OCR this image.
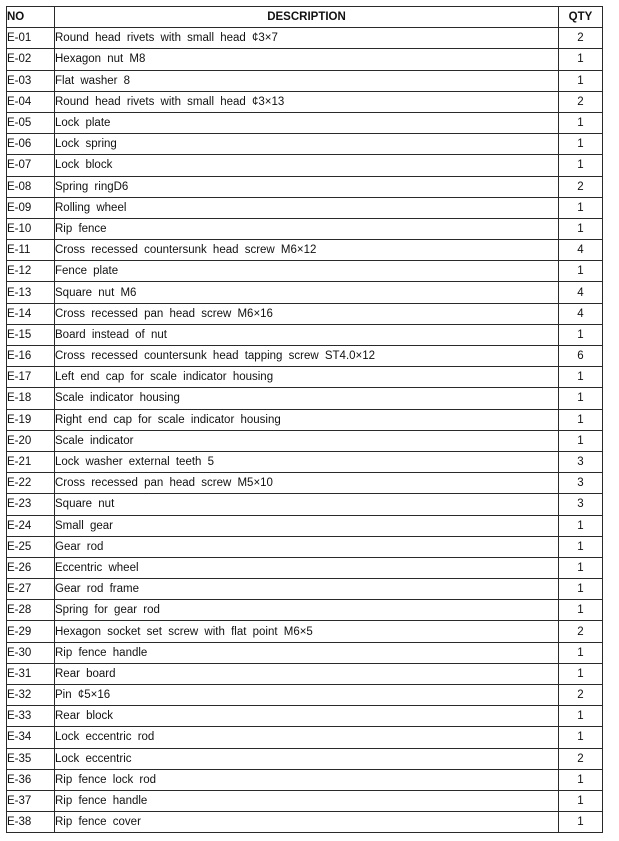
NO	DESCRIPTION	QTY
E-01	Round head rivets with small head ¢3×7	2
E-02	Hexagon nut M8	1
E-03	Flat washer 8	1
E-04	Round head rivets with small head ¢3×13	2
E-05	Lock plate	1
E-06	Lock spring	1
E-07	Lock block	1
E-08	Spring ringD6	2
E-09	Rolling wheel	1
E-10	Rip fence	1
E-11	Cross recessed countersunk head screw M6×12	4
E-12	Fence plate	1
E-13	Square nut M6	4
E-14	Cross recessed pan head screw M6×16	4
E-15	Board instead of nut	1
E-16	Cross recessed countersunk head tapping screw ST4.0×12	6
E-17	Left end cap for scale indicator housing	1
E-18	Scale indicator housing	1
E-19	Right end cap for scale indicator housing	1
E-20	Scale indicator	1
E-21	Lock washer external teeth 5	3
E-22	Cross recessed pan head screw M5×10	3
E-23	Square nut	3
E-24	Small gear	1
E-25	Gear rod	1
E-26	Eccentric wheel	1
E-27	Gear rod frame	1
E-28	Spring for gear rod	1
E-29	Hexagon socket set screw with flat point M6×5	2
E-30	Rip fence handle	1
E-31	Rear board	1
E-32	Pin ¢5×16	2
E-33	Rear block	1
E-34	Lock eccentric rod	1
E-35	Lock eccentric	2
E-36	Rip fence lock rod	1
E-37	Rip fence handle	1
E-38	Rip fence cover	1
